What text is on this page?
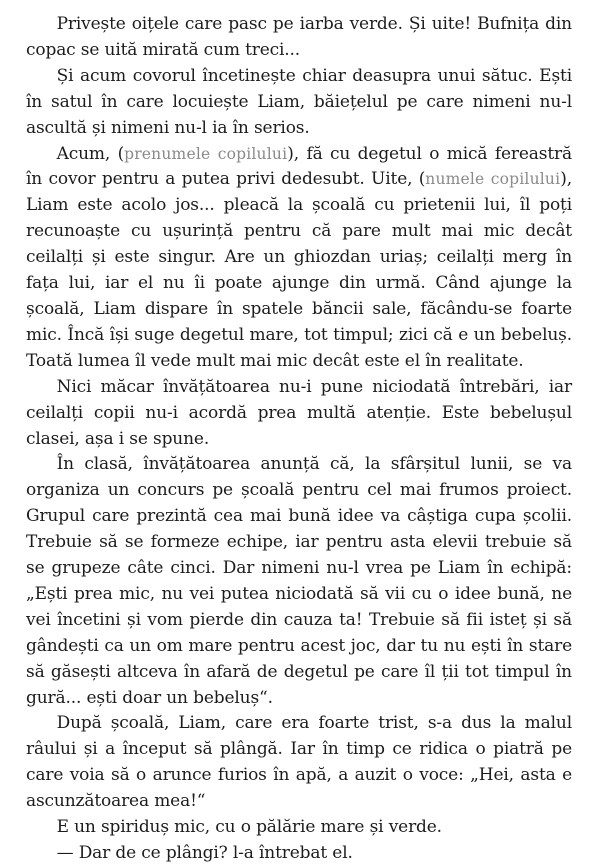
Privește oițele care pasc pe iarba verde. Și uite! Bufnița din copac se uită mirată cum treci...

Și acum covorul încetinește chiar deasupra unui sătuc. Ești în satul în care locuiește Liam, băiețelul pe care nimeni nu-l ascultă și nimeni nu-l ia în serios.

Acum, (prenumele copilului), fă cu degetul o mică fereastră în covor pentru a putea privi dedesubt. Uite, (numele copilului), Liam este acolo jos... pleacă la școală cu prietenii lui, îl poți recunoaște cu ușurință pentru că pare mult mai mic decât ceilalți și este singur. Are un ghiozdan uriaș; ceilalți merg în fața lui, iar el nu îi poate ajunge din urmă. Când ajunge la școală, Liam dispare în spatele băncii sale, făcându-se foarte mic. Încă își suge degetul mare, tot timpul; zici că e un bebeluș. Toată lumea îl vede mult mai mic decât este el în realitate.

Nici măcar învățătoarea nu-i pune niciodată întrebări, iar ceilalți copii nu-i acordă prea multă atenție. Este bebelușul clasei, așa i se spune.

În clasă, învățătoarea anunță că, la sfârșitul lunii, se va organiza un concurs pe școală pentru cel mai frumos proiect. Grupul care prezintă cea mai bună idee va câștiga cupa școlii. Trebuie să se formeze echipe, iar pentru asta elevii trebuie să se grupeze câte cinci. Dar nimeni nu-l vrea pe Liam în echipă: „Ești prea mic, nu vei putea niciodată să vii cu o idee bună, ne vei încetini și vom pierde din cauza ta! Trebuie să fii isteț și să gândești ca un om mare pentru acest joc, dar tu nu ești în stare să găsești altceva în afară de degetul pe care îl ții tot timpul în gură... ești doar un bebeluș“.

După școală, Liam, care era foarte trist, s-a dus la malul râului și a început să plângă. Iar în timp ce ridica o piatră pe care voia să o arunce furios în apă, a auzit o voce: „Hei, asta e ascunzătoarea mea!“

E un spiriduș mic, cu o pălărie mare și verde.

— Dar de ce plângi? l-a întrebat el.
